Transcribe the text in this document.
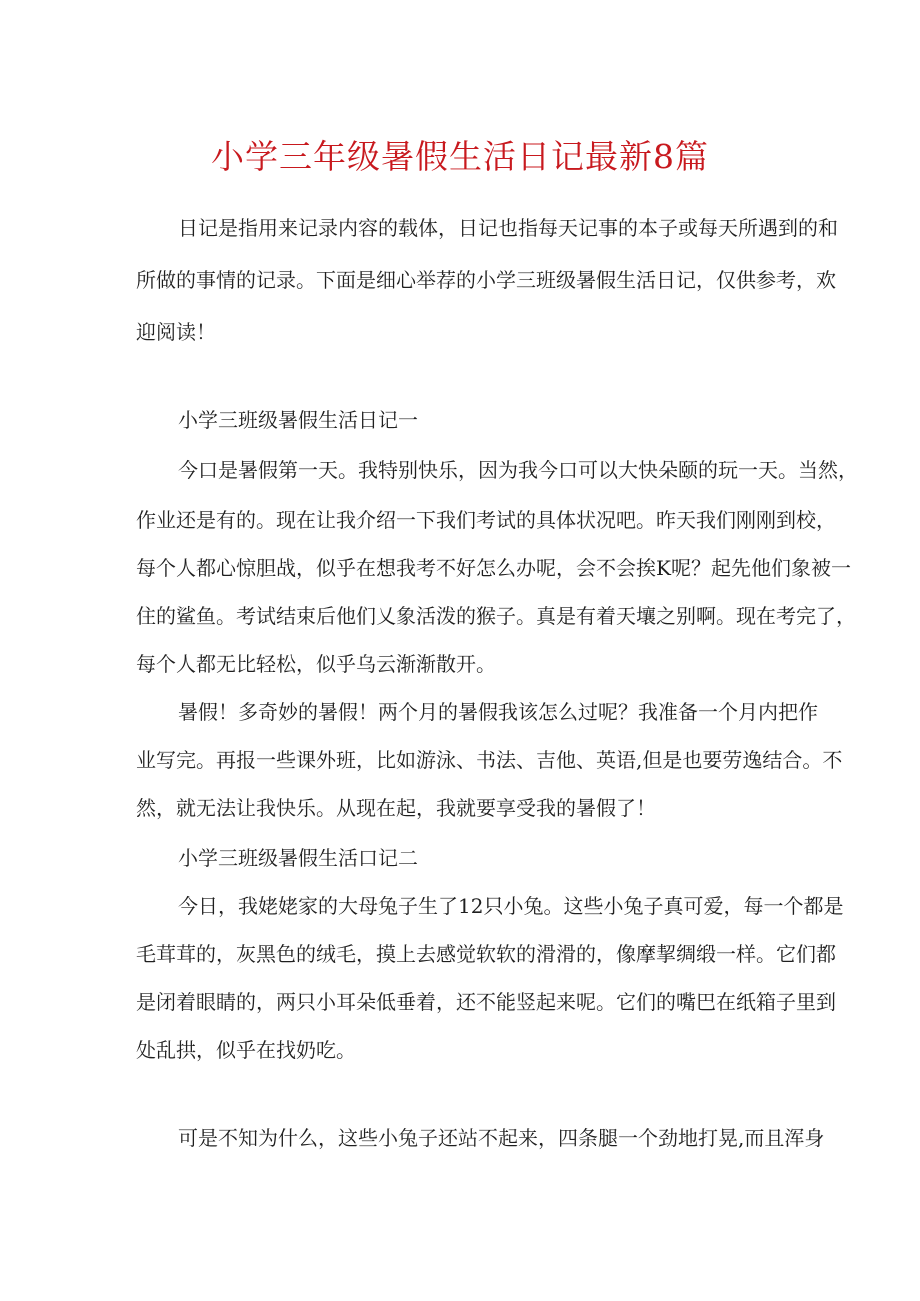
小学三年级暑假生活日记最新8篇
日记是指用来记录内容的载体，日记也指每天记事的本子或每天所遇到的和
所做的事情的记录。下面是细心举荐的小学三班级暑假生活日记，仅供参考，欢
迎阅读！
小学三班级暑假生活日记一
今口是暑假第一天。我特别快乐，因为我今口可以大快朵颐的玩一天。当然，
作业还是有的。现在让我介绍一下我们考试的具体状况吧。昨天我们刚刚到校，
每个人都心惊胆战，似乎在想我考不好怎么办呢，会不会挨K呢？起先他们象被一
住的鲨鱼。考试结束后他们乂象活泼的猴子。真是有着天壤之别啊。现在考完了，
每个人都无比轻松，似乎乌云渐渐散开。
暑假！多奇妙的暑假！两个月的暑假我该怎么过呢？我准备一个月内把作
业写完。再报一些课外班，比如游泳、书法、吉他、英语,但是也要劳逸结合。不
然，就无法让我快乐。从现在起，我就要享受我的暑假了！
小学三班级暑假生活口记二
今日，我姥姥家的大母兔子生了12只小兔。这些小兔子真可爱，每一个都是
毛茸茸的，灰黑色的绒毛，摸上去感觉软软的滑滑的，像摩挈绸缎一样。它们都
是闭着眼睛的，两只小耳朵低垂着，还不能竖起来呢。它们的嘴巴在纸箱子里到
处乱拱，似乎在找奶吃。
可是不知为什么，这些小兔子还站不起来，四条腿一个劲地打晃,而且浑身
